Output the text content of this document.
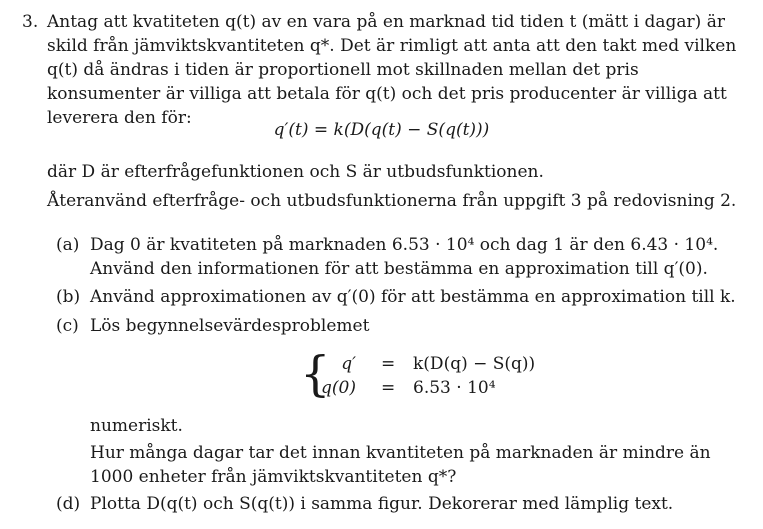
3. Antag att kvatiteten q(t) av en vara på en marknad tid tiden t (mätt i dagar) är skild från jämviktskvantiteten q*. Det är rimligt att anta att den takt med vilken q(t) då ändras i tiden är proportionell mot skillnaden mellan det pris konsumenter är villiga att betala för q(t) och det pris producenter är villiga att leverera den för:
q′(t) = k(D(q(t) − S(q(t)))
där D är efterfrågefunktionen och S är utbudsfunktionen.
Återanvänd efterfråge- och utbudsfunktionerna från uppgift 3 på redovisning 2.
(a) Dag 0 är kvatiteten på marknaden 6.53 · 10⁴ och dag 1 är den 6.43 · 10⁴. Använd den informationen för att bestämma en approximation till q′(0).
(b) Använd approximationen av q′(0) för att bestämma en approximation till k.
(c) Lös begynnelsevärdesproblemet
{ q′ = k(D(q) − S(q))
q(0) = 6.53 · 10⁴
numeriskt.
Hur många dagar tar det innan kvantiteten på marknaden är mindre än 1000 enheter från jämviktskvantiteten q*?
(d) Plotta D(q(t) och S(q(t)) i samma figur. Dekorerar med lämplig text.
